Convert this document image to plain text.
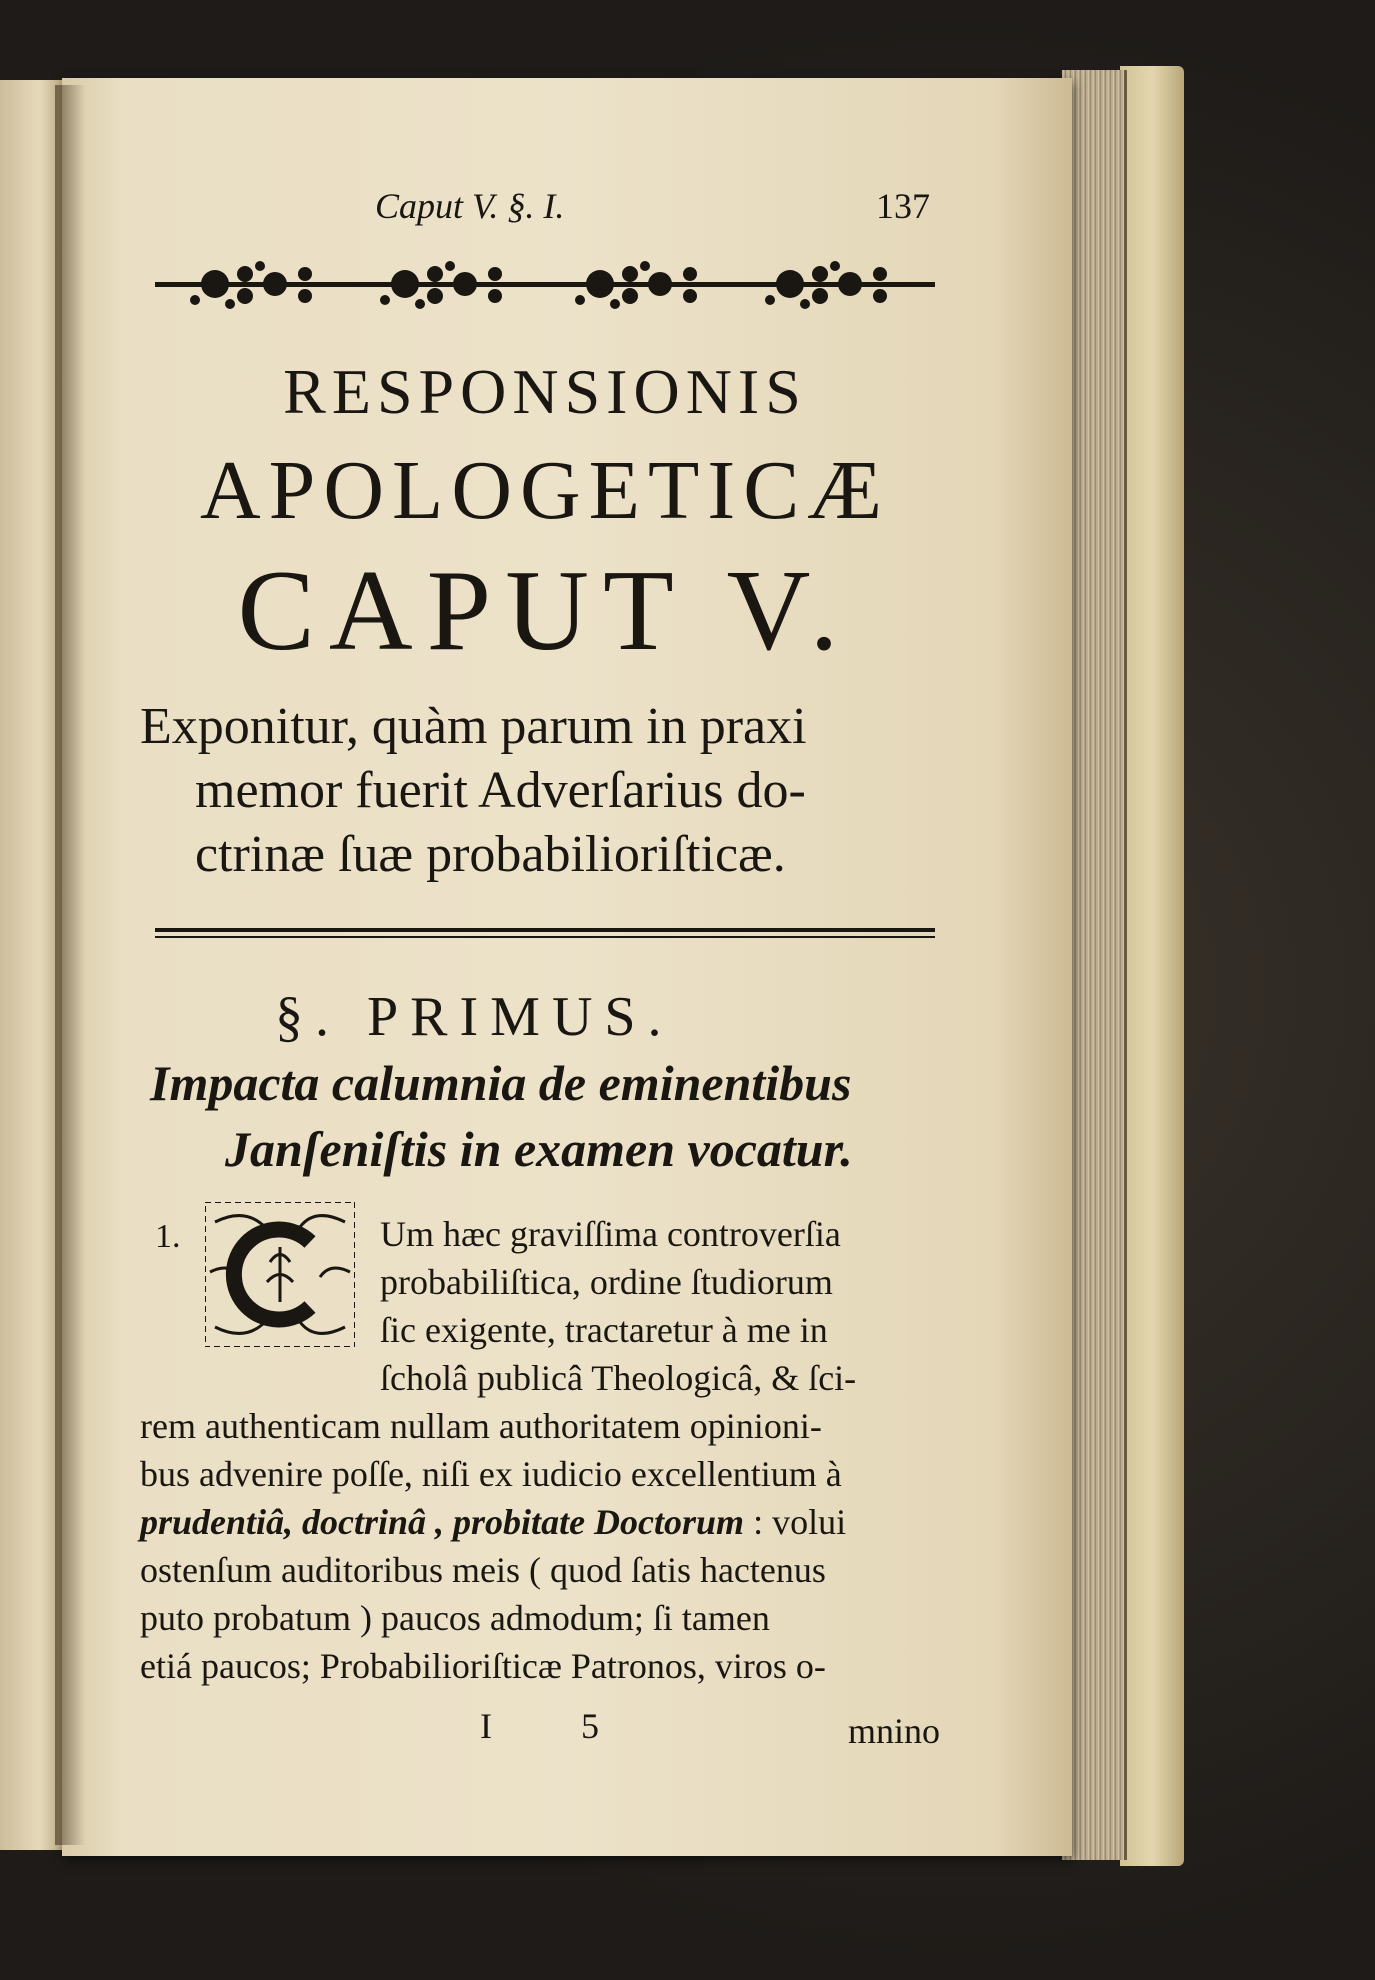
Caput V. §. I.	137
RESPONSIONIS
APOLOGETICÆ
CAPUT V.
Exponitur, quàm parum in praxi
memor fuerit Adverſarius do-
ctrinæ ſuæ probabilioriſticæ.
§. PRIMUS.
Impacta calumnia de eminentibus
Janſeniſtis in examen vocatur.
1.	Um hæc graviſſima controverſia
probabiliſtica, ordine ſtudiorum
ſic exigente, tractaretur à me in
ſcholâ publicâ Theologicâ, & ſci-
rem authenticam nullam authoritatem opinioni-
bus advenire poſſe, niſi ex iudicio excellentium à
prudentiâ, doctrinâ , probitate Doctorum : volui
ostenſum auditoribus meis ( quod ſatis hactenus
puto probatum ) paucos admodum; ſi tamen
etiá paucos; Probabilioriſticæ Patronos, viros o-
I 5	mnino
